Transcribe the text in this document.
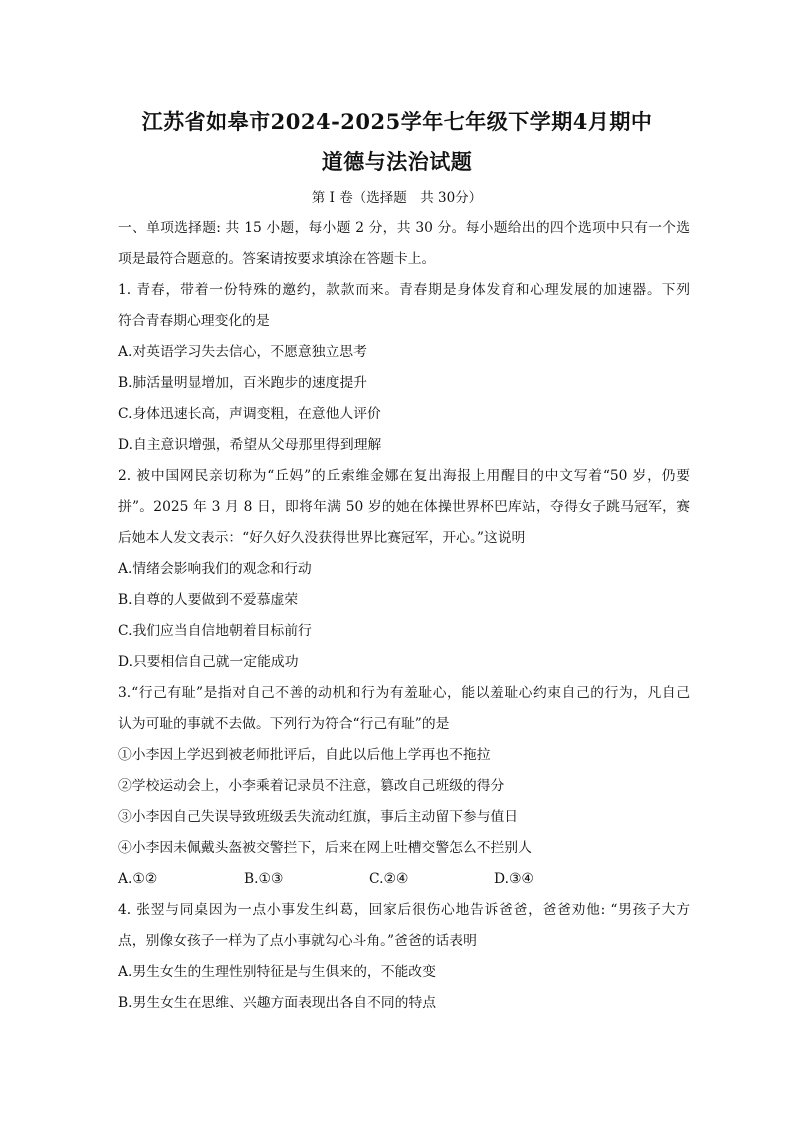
江苏省如皋市2024-2025学年七年级下学期4月期中
道德与法治试题
第 I 卷（选择题　共 30分）
一、单项选择题: 共 15 小题，每小题 2 分，共 30 分。每小题给出的四个选项中只有一个选
项是最符合题意的。答案请按要求填涂在答题卡上。
1. 青春，带着一份特殊的邀约，款款而来。青春期是身体发育和心理发展的加速器。下列
符合青春期心理变化的是
A.对英语学习失去信心，不愿意独立思考
B.肺活量明显增加，百米跑步的速度提升
C.身体迅速长高，声调变粗，在意他人评价
D.自主意识增强，希望从父母那里得到理解
2. 被中国网民亲切称为“丘妈”的丘索维金娜在复出海报上用醒目的中文写着“50 岁，仍要
拼”。2025 年 3 月 8 日，即将年满 50 岁的她在体操世界杯巴库站，夺得女子跳马冠军，赛
后她本人发文表示：“好久好久没获得世界比赛冠军，开心。”这说明
A.情绪会影响我们的观念和行动
B.自尊的人要做到不爱慕虚荣
C.我们应当自信地朝着目标前行
D.只要相信自己就一定能成功
3.“行己有耻”是指对自己不善的动机和行为有羞耻心，能以羞耻心约束自己的行为，凡自己
认为可耻的事就不去做。下列行为符合“行己有耻”的是
①小李因上学迟到被老师批评后，自此以后他上学再也不拖拉
②学校运动会上，小李乘着记录员不注意，篡改自己班级的得分
③小李因自己失误导致班级丢失流动红旗，事后主动留下参与值日
④小李因未佩戴头盔被交警拦下，后来在网上吐槽交警怎么不拦别人
A.①②	B.①③	C.②④	D.③④
4. 张翌与同桌因为一点小事发生纠葛，回家后很伤心地告诉爸爸，爸爸劝他: “男孩子大方
点，别像女孩子一样为了点小事就勾心斗角。”爸爸的话表明
A.男生女生的生理性别特征是与生俱来的，不能改变
B.男生女生在思维、兴趣方面表现出各自不同的特点
